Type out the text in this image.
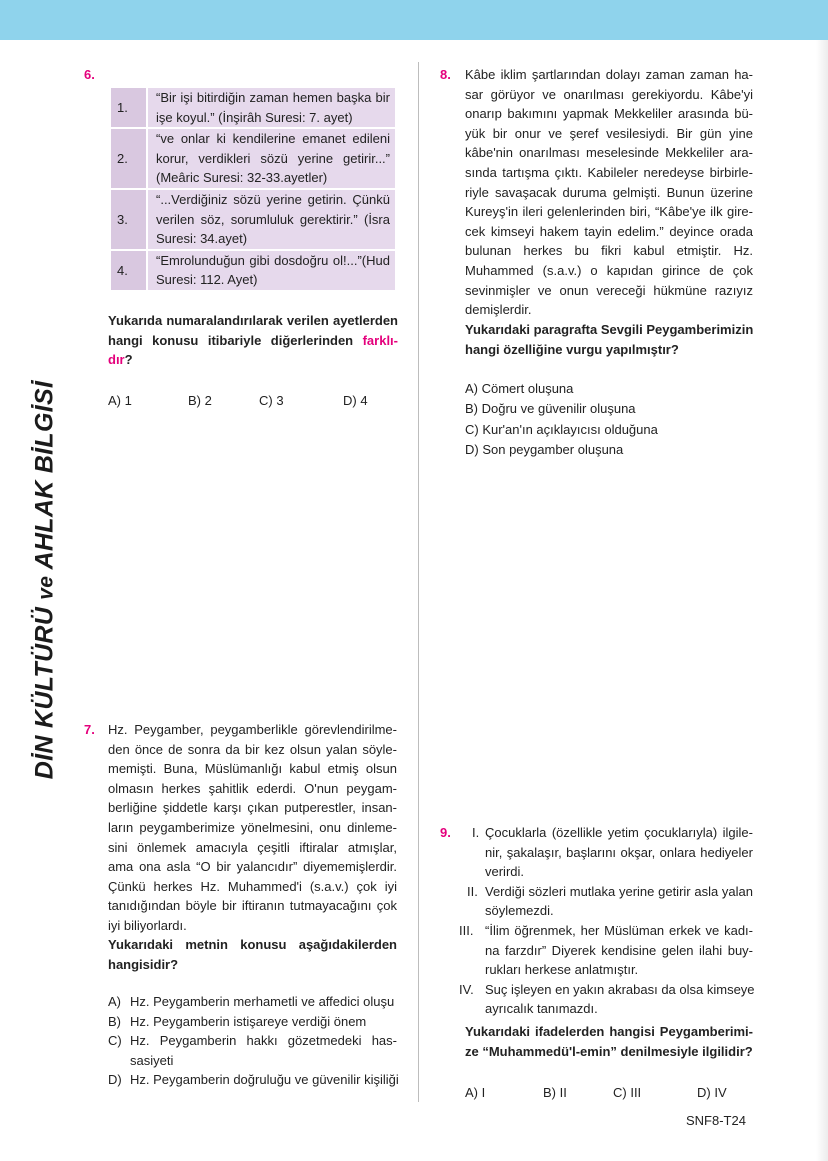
DİN KÜLTÜRÜ ve AHLAK BİLGİSİ
6.
1.	“Bir işi bitirdiğin zaman hemen başka bir
işe koyul.” (İnşirâh Suresi: 7. ayet)

2.	“ve onlar ki kendilerine emanet edileni
korur, verdikleri sözü yerine getirir...”
(Meâric Suresi: 32-33.ayetler)

3.	“...Verdiğiniz sözü yerine getirin. Çünkü
verilen söz, sorumluluk gerektirir.” (İsra
Suresi: 34.ayet)

4.	“Emrolunduğun gibi dosdoğru ol!...”(Hud
Suresi: 112. Ayet)
Yukarıda numaralandırılarak verilen ayetlerden
hangi konusu itibariyle diğerlerinden farklı-
dır?
A) 1	B) 2	C) 3	D) 4
7. Hz. Peygamber, peygamberlikle görevlendirilme-
den önce de sonra da bir kez olsun yalan söyle-
memişti. Buna, Müslümanlığı kabul etmiş olsun
olmasın herkes şahitlik ederdi. O'nun peygam-
berliğine şiddetle karşı çıkan putperestler, insan-
ların peygamberimize yönelmesini, onu dinleme-
sini önlemek amacıyla çeşitli iftiralar atmışlar,
ama ona asla “O bir yalancıdır” diyememişlerdir.
Çünkü herkes Hz. Muhammed'i (s.a.v.) çok iyi
tanıdığından böyle bir iftiranın tutmayacağını çok
iyi biliyorlardı.
Yukarıdaki metnin konusu aşağıdakilerden
hangisidir?
A) Hz. Peygamberin merhametli ve affedici oluşu
B) Hz. Peygamberin istişareye verdiği önem
C) Hz. Peygamberin hakkı gözetmedeki has-
sasiyeti
D) Hz. Peygamberin doğruluğu ve güvenilir kişiliği
8. Kâbe iklim şartlarından dolayı zaman zaman ha-
sar görüyor ve onarılması gerekiyordu. Kâbe'yi
onarıp bakımını yapmak Mekkeliler arasında bü-
yük bir onur ve şeref vesilesiydi. Bir gün yine
kâbe'nin onarılması meselesinde Mekkeliler ara-
sında tartışma çıktı. Kabileler neredeyse birbirle-
riyle savaşacak duruma gelmişti. Bunun üzerine
Kureyş'in ileri gelenlerinden biri, “Kâbe'ye ilk gire-
cek kimseyi hakem tayin edelim.” deyince orada
bulunan herkes bu fikri kabul etmiştir. Hz.
Muhammed (s.a.v.) o kapıdan girince de çok
sevinmişler ve onun vereceği hükmüne razıyız
demişlerdir.
Yukarıdaki paragrafta Sevgili Peygamberimizin
hangi özelliğine vurgu yapılmıştır?
A) Cömert oluşuna
B) Doğru ve güvenilir oluşuna
C) Kur'an'ın açıklayıcısı olduğuna
D) Son peygamber oluşuna
9. I. Çocuklarla (özellikle yetim çocuklarıyla) ilgile-
nir, şakalaşır, başlarını okşar, onlara hediyeler
verirdi.
II. Verdiği sözleri mutlaka yerine getirir asla yalan
söylemezdi.
III. “İlim öğrenmek, her Müslüman erkek ve kadı-
na farzdır” Diyerek kendisine gelen ilahi buy-
rukları herkese anlatmıştır.
IV. Suç işleyen en yakın akrabası da olsa kimseye
ayrıcalık tanımazdı.
Yukarıdaki ifadelerden hangisi Peygamberimi-
ze “Muhammedü'l-emin” denilmesiyle ilgilidir?
A) I	B) II	C) III	D) IV
SNF8-T24
